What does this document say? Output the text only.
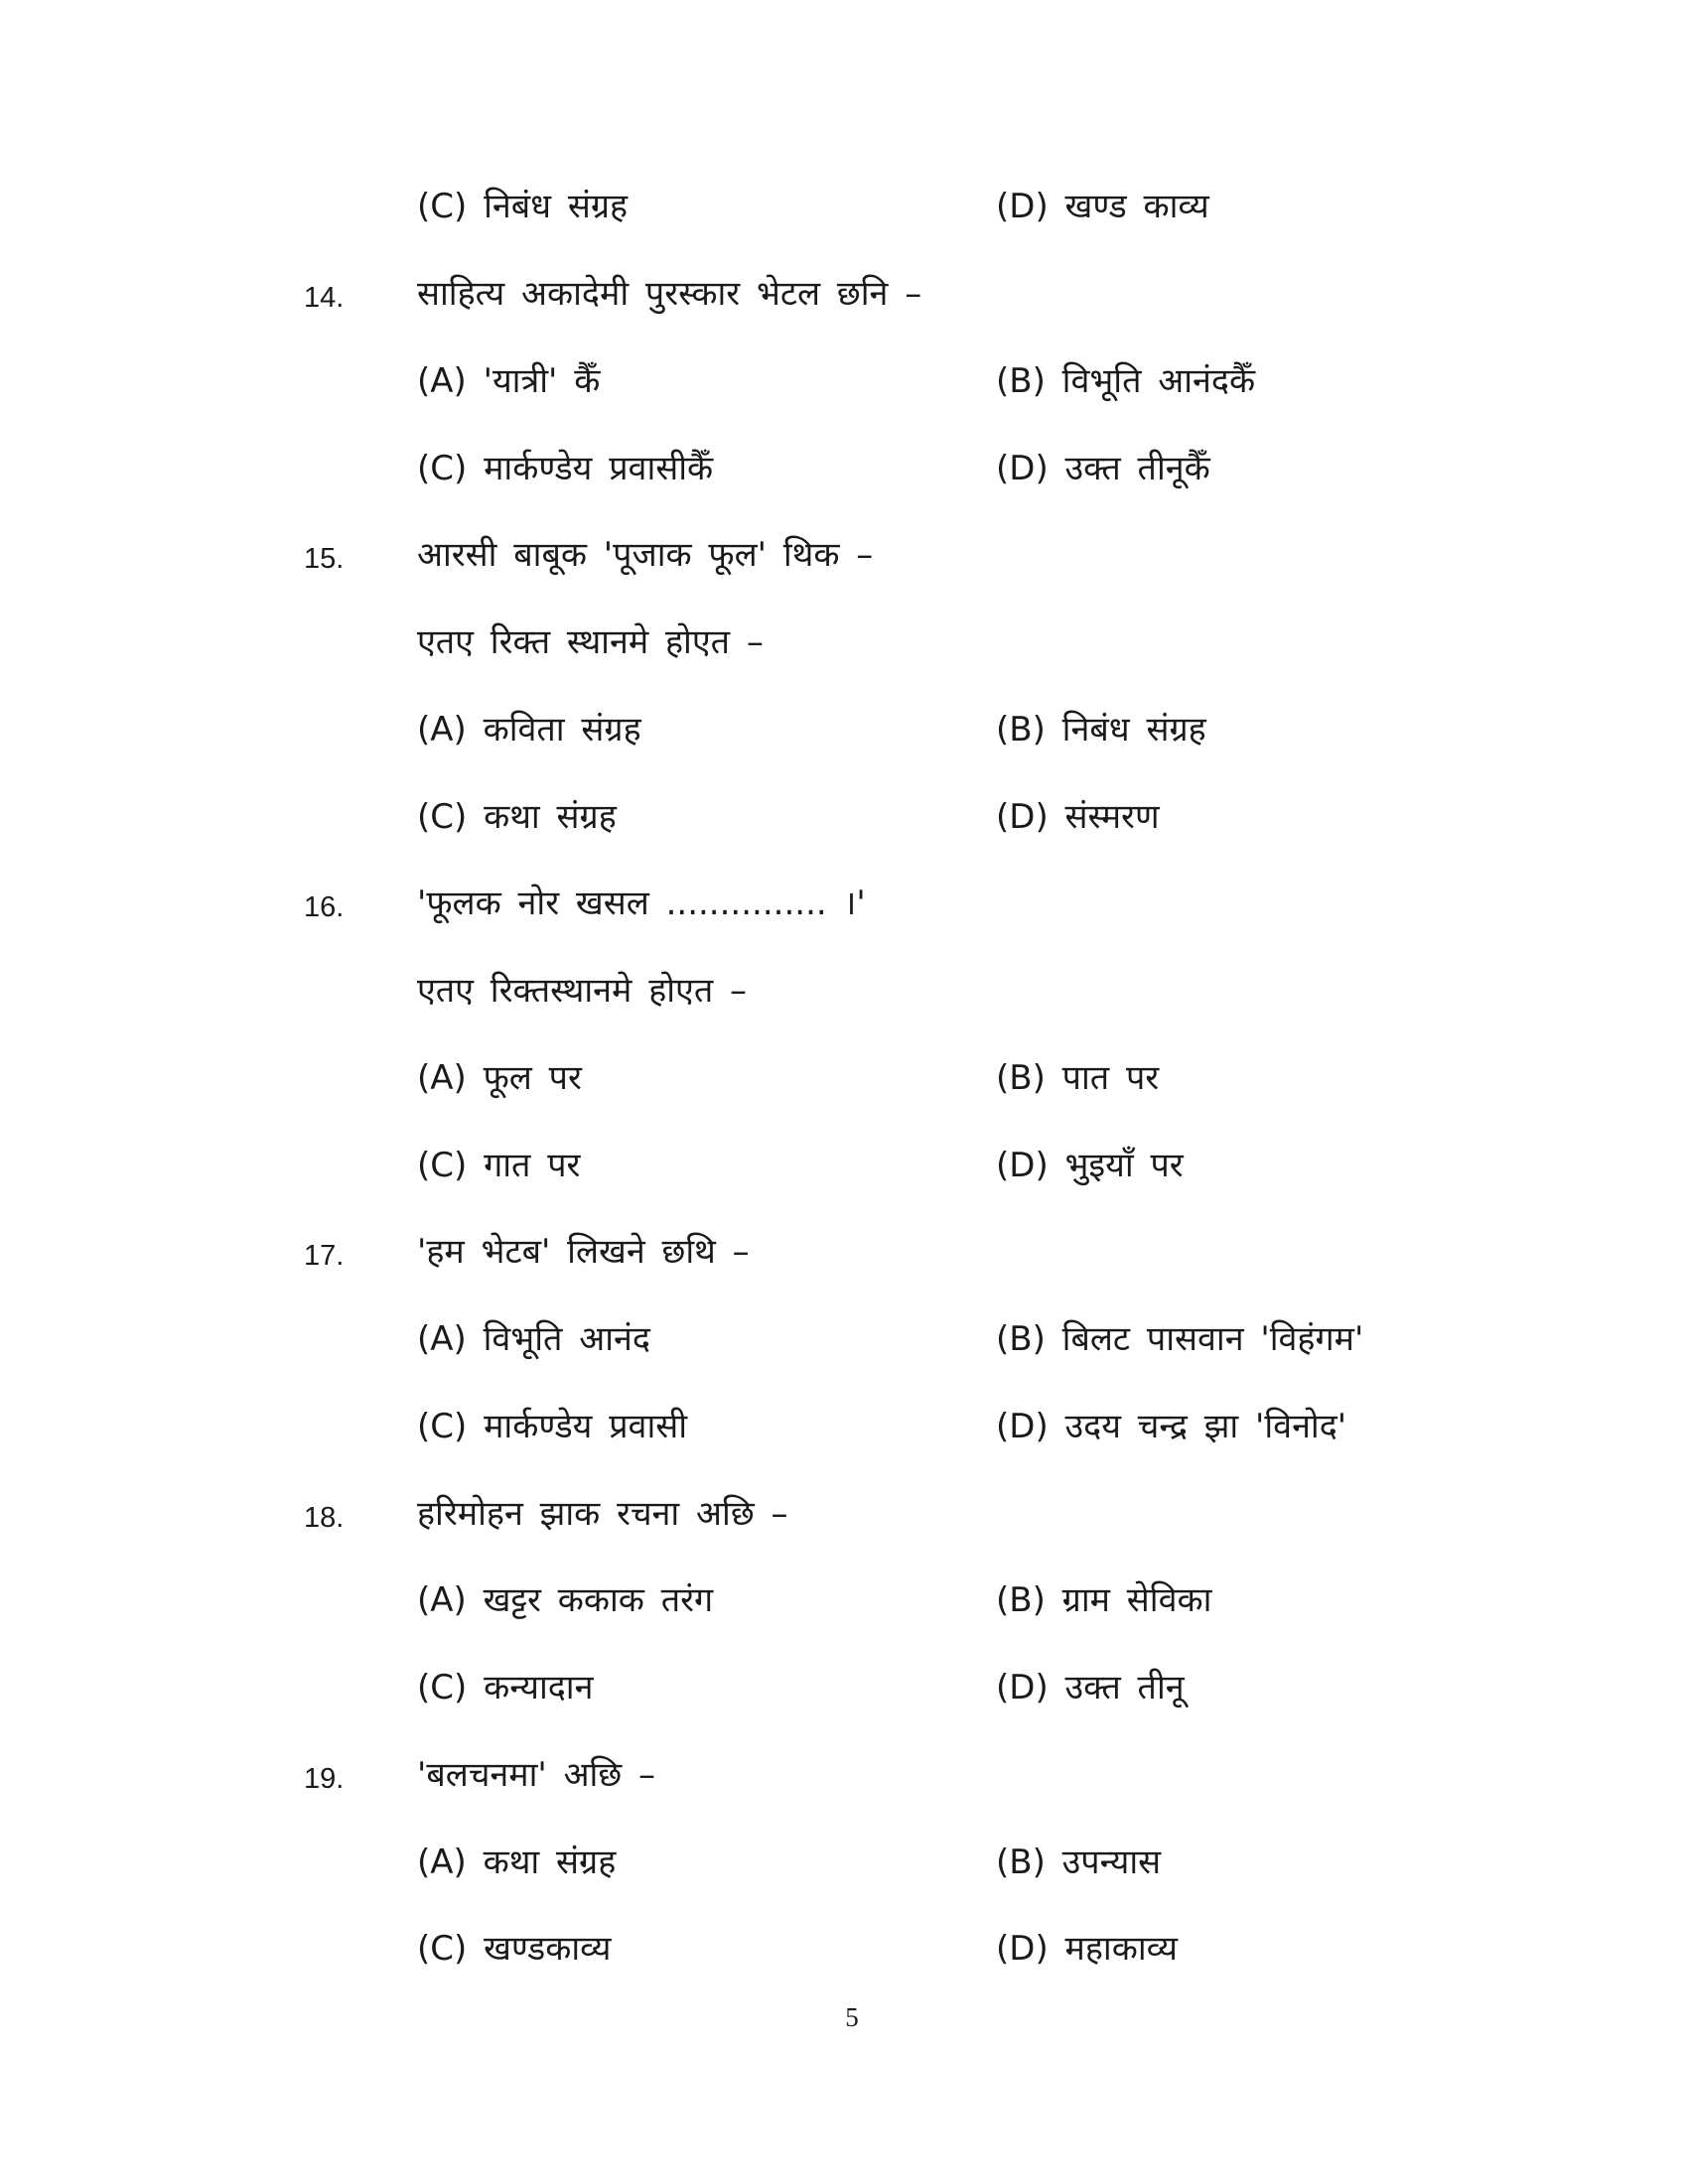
(C) निबंध संग्रह	(D) खण्ड काव्य
14. साहित्य अकादेमी पुरस्कार भेटल छनि –
(A) 'यात्री' कैँ	(B) विभूति आनंदकैँ
(C) मार्कण्डेय प्रवासीकैँ	(D) उक्त तीनूकैँ
15. आरसी बाबूक 'पूजाक फूल' थिक –
एतए रिक्त स्थानमे होएत –
(A) कविता संग्रह	(B) निबंध संग्रह
(C) कथा संग्रह	(D) संस्मरण
16. 'फूलक नोर खसल ............... ।'
एतए रिक्तस्थानमे होएत –
(A) फूल पर	(B) पात पर
(C) गात पर	(D) भुइयाँ पर
17. 'हम भेटब' लिखने छथि –
(A) विभूति आनंद	(B) बिलट पासवान 'विहंगम'
(C) मार्कण्डेय प्रवासी	(D) उदय चन्द्र झा 'विनोद'
18. हरिमोहन झाक रचना अछि –
(A) खट्टर ककाक तरंग	(B) ग्राम सेविका
(C) कन्यादान	(D) उक्त तीनू
19. 'बलचनमा' अछि –
(A) कथा संग्रह	(B) उपन्यास
(C) खण्डकाव्य	(D) महाकाव्य
5
